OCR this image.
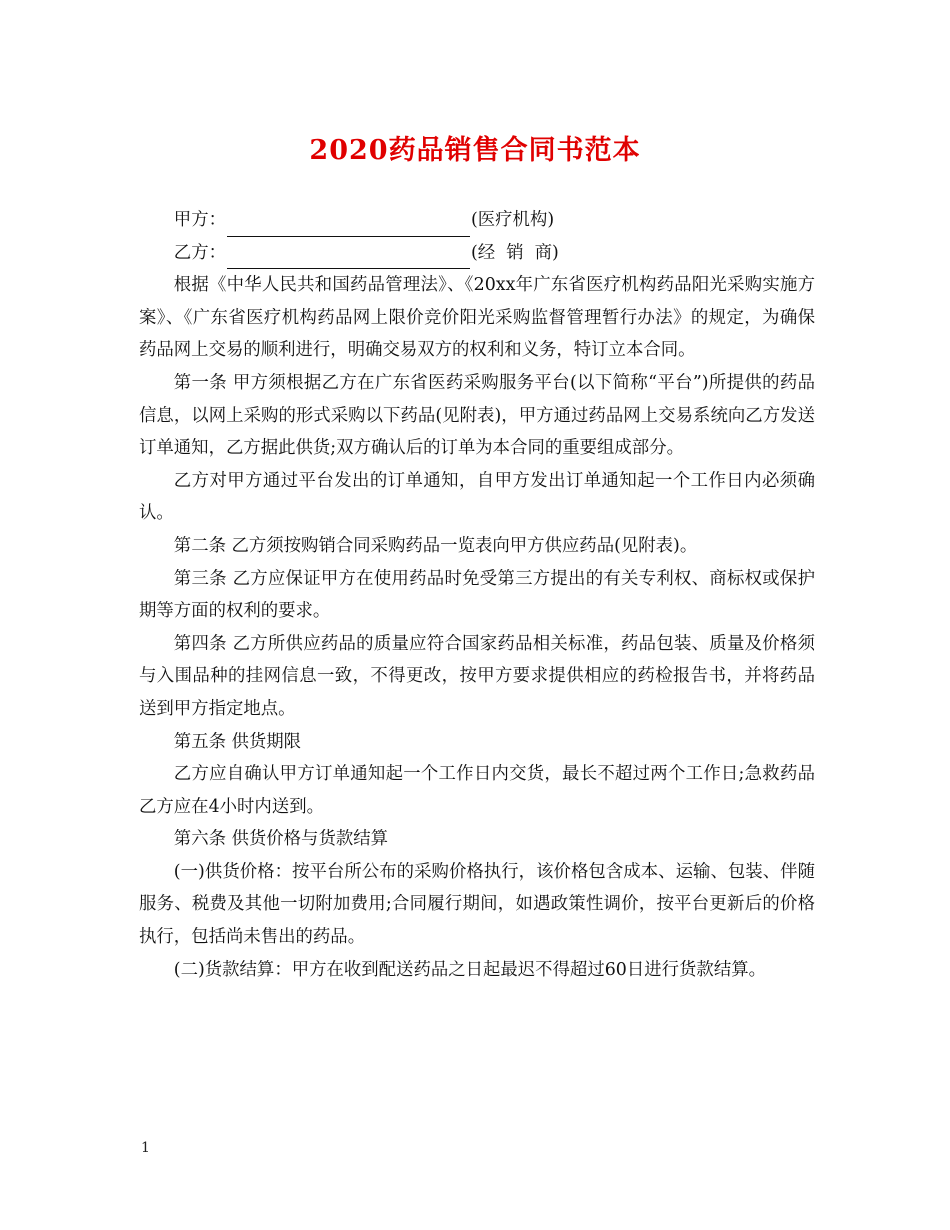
2020药品销售合同书范本
甲方：	(医疗机构)
乙方：	(经  销  商)

根据《中华人民共和国药品管理法》、《20xx年广东省医疗机构药品阳光采购实施方案》、《广东省医疗机构药品网上限价竞价阳光采购监督管理暂行办法》的规定，为确保药品网上交易的顺利进行，明确交易双方的权利和义务，特订立本合同。

第一条 甲方须根据乙方在广东省医药采购服务平台(以下简称“平台”)所提供的药品信息，以网上采购的形式采购以下药品(见附表)，甲方通过药品网上交易系统向乙方发送订单通知，乙方据此供货;双方确认后的订单为本合同的重要组成部分。

乙方对甲方通过平台发出的订单通知，自甲方发出订单通知起一个工作日内必须确认。

第二条 乙方须按购销合同采购药品一览表向甲方供应药品(见附表)。

第三条 乙方应保证甲方在使用药品时免受第三方提出的有关专利权、商标权或保护期等方面的权利的要求。

第四条 乙方所供应药品的质量应符合国家药品相关标准，药品包装、质量及价格须与入围品种的挂网信息一致，不得更改，按甲方要求提供相应的药检报告书，并将药品送到甲方指定地点。

第五条 供货期限

乙方应自确认甲方订单通知起一个工作日内交货，最长不超过两个工作日;急救药品乙方应在4小时内送到。

第六条 供货价格与货款结算

(一)供货价格：按平台所公布的采购价格执行，该价格包含成本、运输、包装、伴随服务、税费及其他一切附加费用;合同履行期间，如遇政策性调价，按平台更新后的价格执行，包括尚未售出的药品。

(二)货款结算：甲方在收到配送药品之日起最迟不得超过60日进行货款结算。

1
